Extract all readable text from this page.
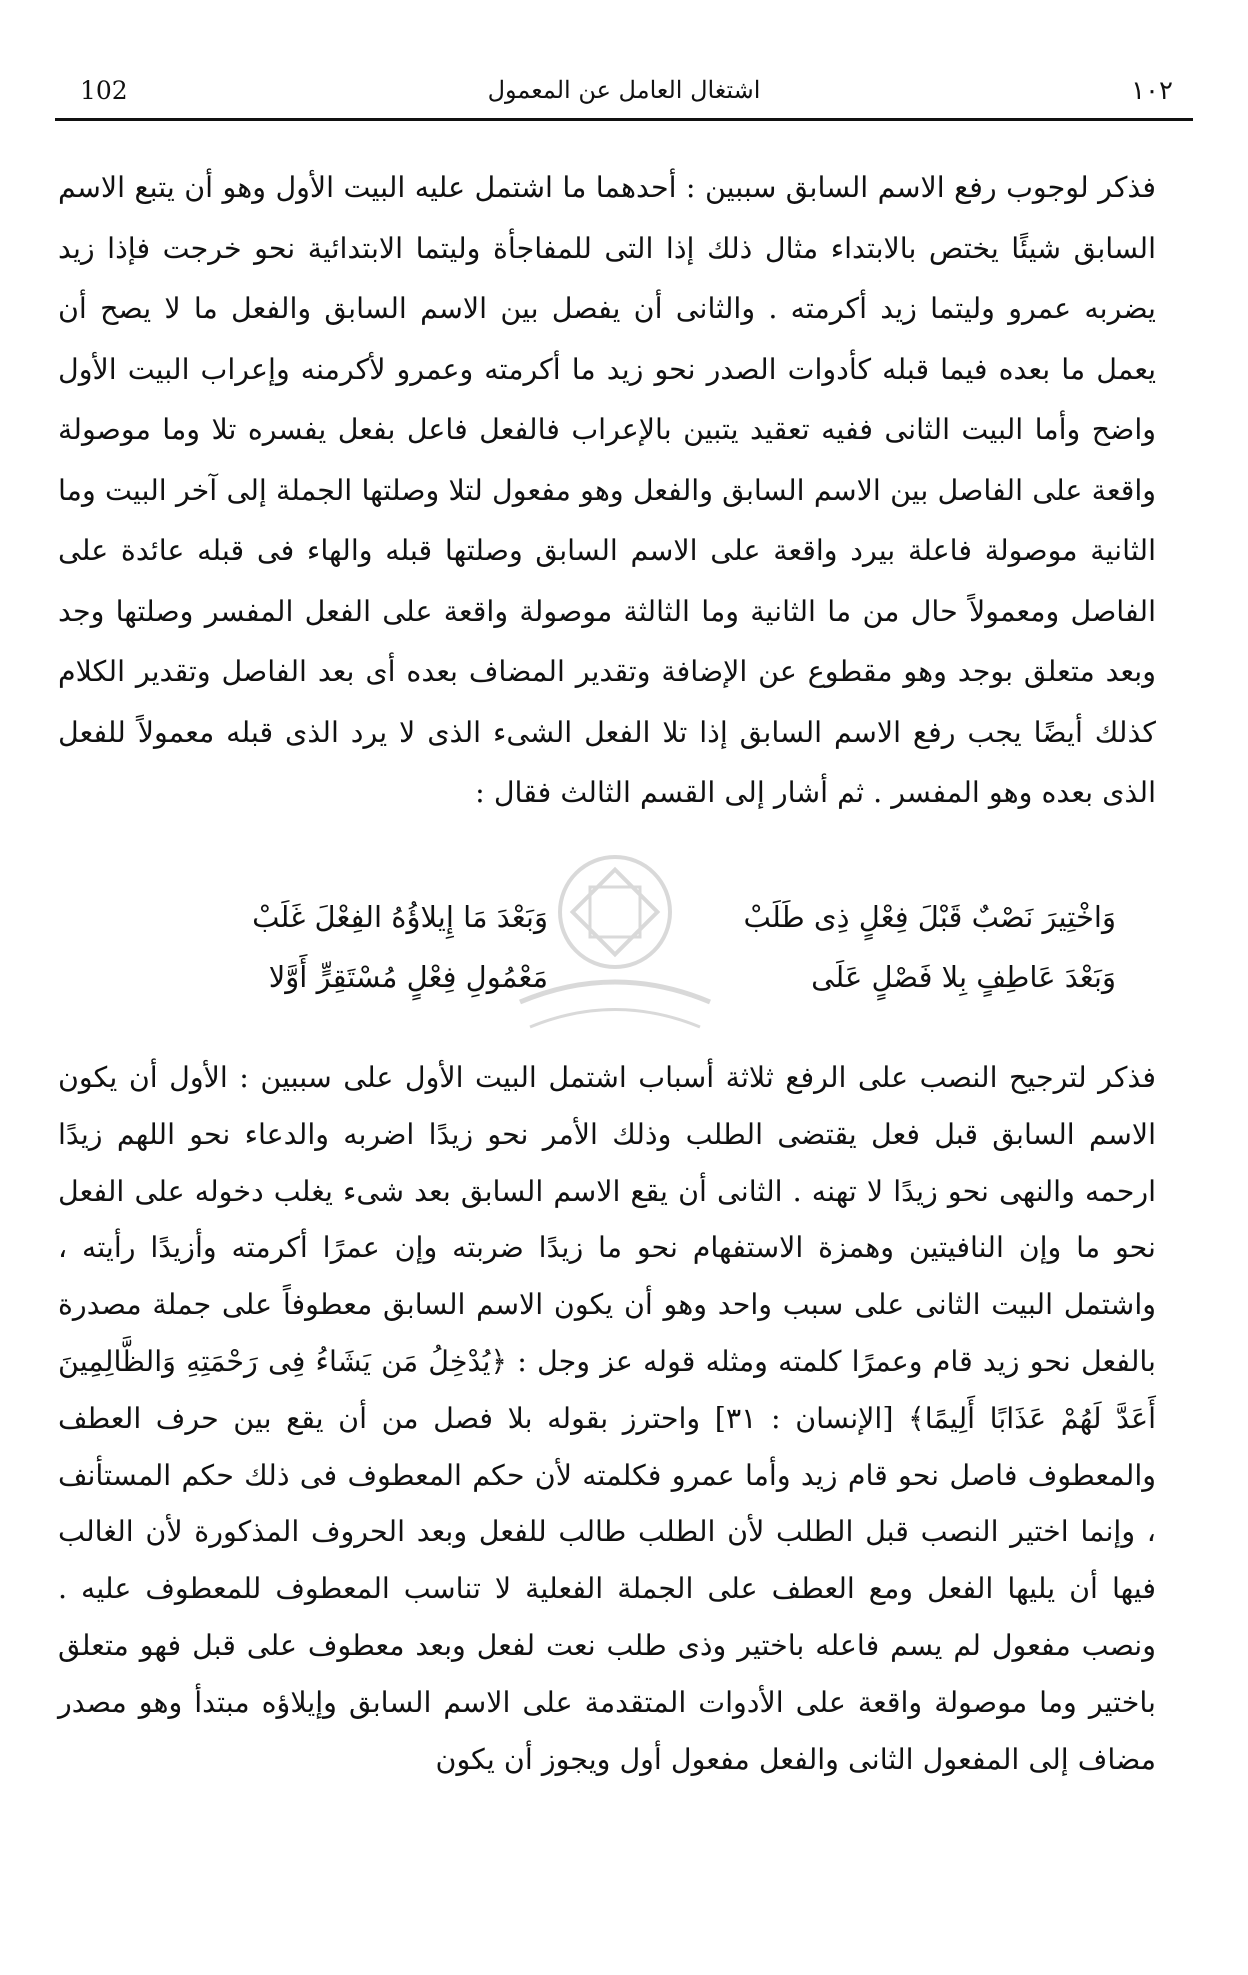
102	اشتغال العامل عن المعمول	١٠٢

فذكر لوجوب رفع الاسم السابق سببين : أحدهما ما اشتمل عليه البيت الأول وهو أن يتبع الاسم السابق شيئًا يختص بالابتداء مثال ذلك إذا التى للمفاجأة وليتما الابتدائية نحو خرجت فإذا زيد يضربه عمرو وليتما زيد أكرمته . والثانى أن يفصل بين الاسم السابق والفعل ما لا يصح أن يعمل ما بعده فيما قبله كأدوات الصدر نحو زيد ما أكرمته وعمرو لأكرمنه وإعراب البيت الأول واضح وأما البيت الثانى ففيه تعقيد يتبين بالإعراب فالفعل فاعل بفعل يفسره تلا وما موصولة واقعة على الفاصل بين الاسم السابق والفعل وهو مفعول لتلا وصلتها الجملة إلى آخر البيت وما الثانية موصولة فاعلة بيرد واقعة على الاسم السابق وصلتها قبله والهاء فى قبله عائدة على الفاصل ومعمولاً حال من ما الثانية وما الثالثة موصولة واقعة على الفعل المفسر وصلتها وجد وبعد متعلق بوجد وهو مقطوع عن الإضافة وتقدير المضاف بعده أى بعد الفاصل وتقدير الكلام كذلك أيضًا يجب رفع الاسم السابق إذا تلا الفعل الشىء الذى لا يرد الذى قبله معمولاً للفعل الذى بعده وهو المفسر . ثم أشار إلى القسم الثالث فقال :

وَاخْتِيرَ نَصْبٌ قَبْلَ فِعْلٍ ذِى طَلَبْ
وَبَعْدَ مَا إِيلاؤُهُ الفِعْلَ غَلَبْ
وَبَعْدَ عَاطِفٍ بِلا فَصْلٍ عَلَى
مَعْمُولِ فِعْلٍ مُسْتَقِرٍّ أَوَّلا

فذكر لترجيح النصب على الرفع ثلاثة أسباب اشتمل البيت الأول على سببين : الأول أن يكون الاسم السابق قبل فعل يقتضى الطلب وذلك الأمر نحو زيدًا اضربه والدعاء نحو اللهم زيدًا ارحمه والنهى نحو زيدًا لا تهنه . الثانى أن يقع الاسم السابق بعد شىء يغلب دخوله على الفعل نحو ما وإن النافيتين وهمزة الاستفهام نحو ما زيدًا ضربته وإن عمرًا أكرمته وأزيدًا رأيته ، واشتمل البيت الثانى على سبب واحد وهو أن يكون الاسم السابق معطوفاً على جملة مصدرة بالفعل نحو زيد قام وعمرًا كلمته ومثله قوله عز وجل : ﴿يُدْخِلُ مَن يَشَاءُ فِى رَحْمَتِهِ وَالظَّالِمِينَ أَعَدَّ لَهُمْ عَذَابًا أَلِيمًا﴾ [الإنسان : ٣١] واحترز بقوله بلا فصل من أن يقع بين حرف العطف والمعطوف فاصل نحو قام زيد وأما عمرو فكلمته لأن حكم المعطوف فى ذلك حكم المستأنف ، وإنما اختير النصب قبل الطلب لأن الطلب طالب للفعل وبعد الحروف المذكورة لأن الغالب فيها أن يليها الفعل ومع العطف على الجملة الفعلية لا تناسب المعطوف للمعطوف عليه . ونصب مفعول لم يسم فاعله باختير وذى طلب نعت لفعل وبعد معطوف على قبل فهو متعلق باختير وما موصولة واقعة على الأدوات المتقدمة على الاسم السابق وإيلاؤه مبتدأ وهو مصدر مضاف إلى المفعول الثانى والفعل مفعول أول ويجوز أن يكون
